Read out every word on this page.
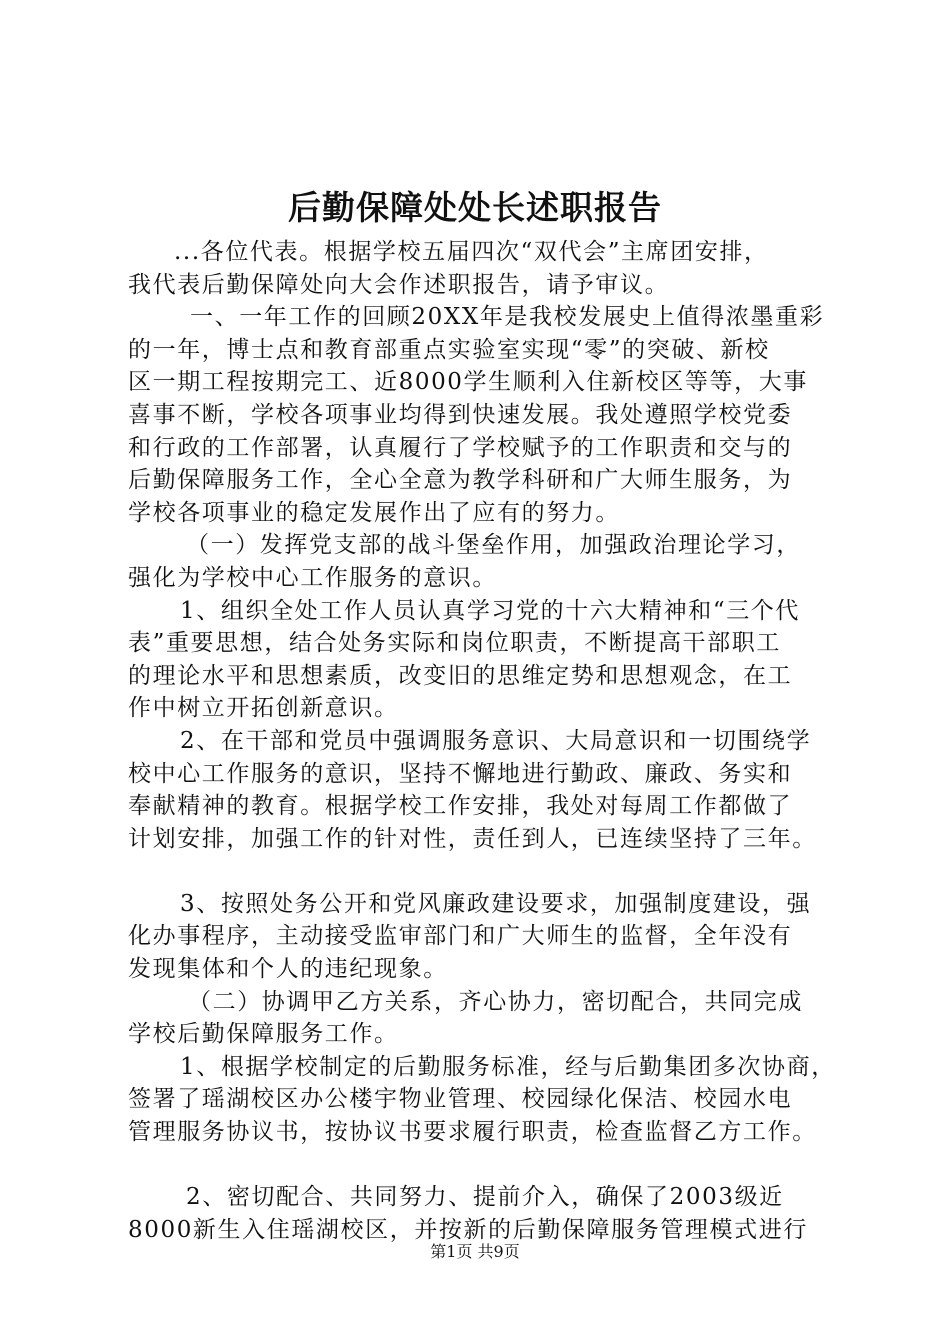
后勤保障处处长述职报告
...各位代表。根据学校五届四次“双代会”主席团安排，
我代表后勤保障处向大会作述职报告，请予审议。
一、一年工作的回顾20XX年是我校发展史上值得浓墨重彩
的一年，博士点和教育部重点实验室实现“零”的突破、新校
区一期工程按期完工、近8000学生顺利入住新校区等等，大事
喜事不断，学校各项事业均得到快速发展。我处遵照学校党委
和行政的工作部署，认真履行了学校赋予的工作职责和交与的
后勤保障服务工作，全心全意为教学科研和广大师生服务，为
学校各项事业的稳定发展作出了应有的努力。
（一）发挥党支部的战斗堡垒作用，加强政治理论学习，
强化为学校中心工作服务的意识。
1、组织全处工作人员认真学习党的十六大精神和“三个代
表”重要思想，结合处务实际和岗位职责，不断提高干部职工
的理论水平和思想素质，改变旧的思维定势和思想观念，在工
作中树立开拓创新意识。
2、在干部和党员中强调服务意识、大局意识和一切围绕学
校中心工作服务的意识，坚持不懈地进行勤政、廉政、务实和
奉献精神的教育。根据学校工作安排，我处对每周工作都做了
计划安排，加强工作的针对性，责任到人，已连续坚持了三年。
3、按照处务公开和党风廉政建设要求，加强制度建设，强
化办事程序，主动接受监审部门和广大师生的监督，全年没有
发现集体和个人的违纪现象。
（二）协调甲乙方关系，齐心协力，密切配合，共同完成
学校后勤保障服务工作。
1、根据学校制定的后勤服务标准，经与后勤集团多次协商，
签署了瑶湖校区办公楼宇物业管理、校园绿化保洁、校园水电
管理服务协议书，按协议书要求履行职责，检查监督乙方工作。
2、密切配合、共同努力、提前介入，确保了2003级近
8000新生入住瑶湖校区，并按新的后勤保障服务管理模式进行
第1页 共9页
